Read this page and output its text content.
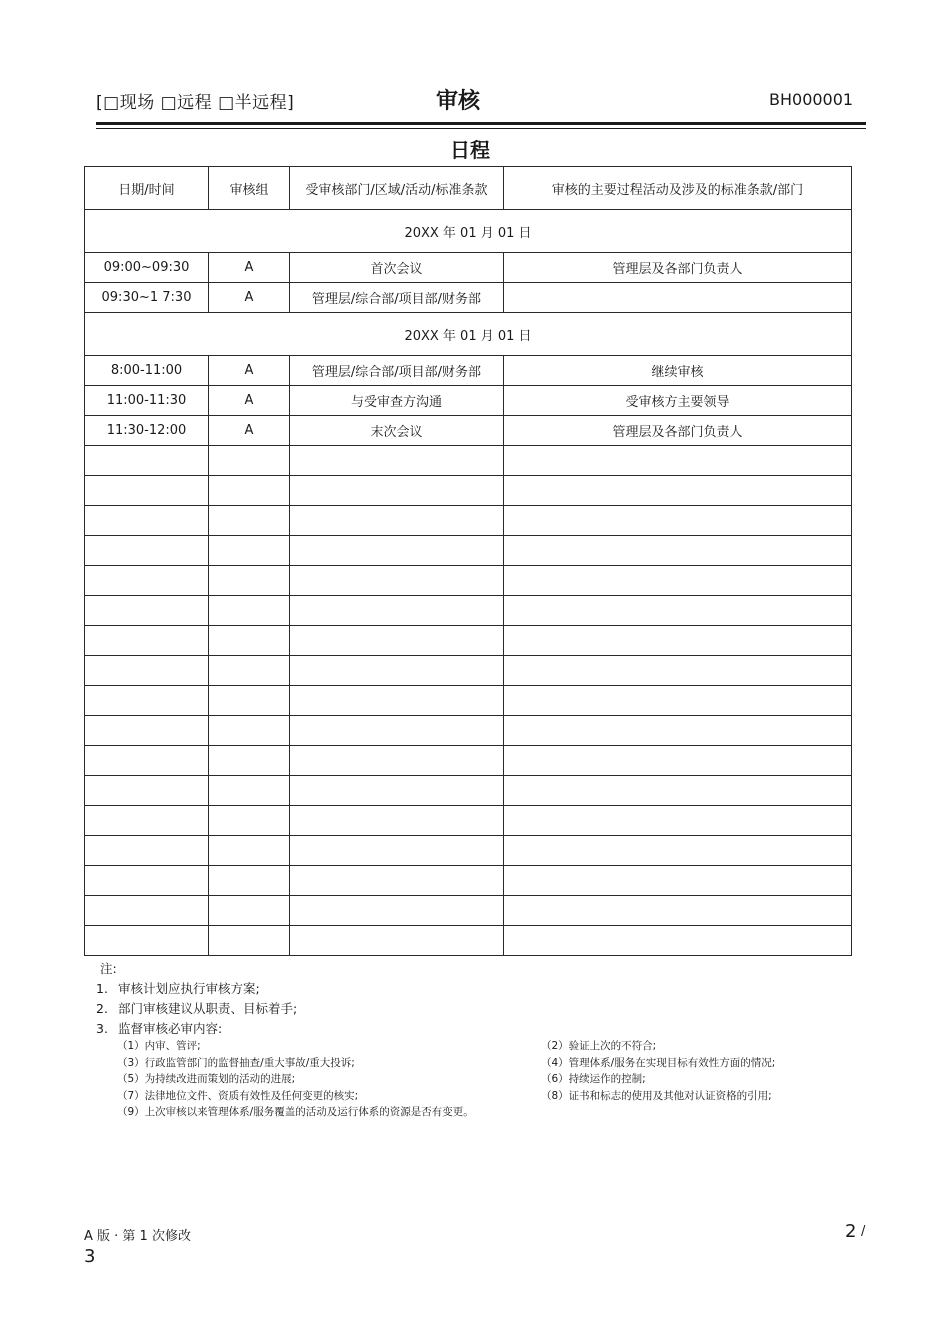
[□现场 □远程 □半远程]	审核	BH000001
日程
日期/时间	审核组	受审核部门/区域/活动/标准条款	审核的主要过程活动及涉及的标准条款/部门
20XX 年 01 月 01 日			
09:00~09:30	A	首次会议	管理层及各部门负责人
09:30~1 7:30	A	管理层/综合部/项目部/财务部	
20XX 年 01 月 01 日			
8:00-11:00	A	管理层/综合部/项目部/财务部	继续审核
11:00-11:30	A	与受审查方沟通	受审核方主要领导
11:30-12:00	A	末次会议	管理层及各部门负责人

注:
1. 审核计划应执行审核方案;
2. 部门审核建议从职责、目标着手;
3. 监督审核必审内容:
（1）内审、管评;	（2）验证上次的不符合;
（3）行政监管部门的监督抽查/重大事故/重大投诉;	（4）管理体系/服务在实现目标有效性方面的情况;
（5）为持续改进而策划的活动的进展;	（6）持续运作的控制;
（7）法律地位文件、资质有效性及任何变更的核实;	（8）证书和标志的使用及其他对认证资格的引用;
（9）上次审核以来管理体系/服务覆盖的活动及运行体系的资源是否有变更。
A 版 · 第 1 次修改	2 /
3
